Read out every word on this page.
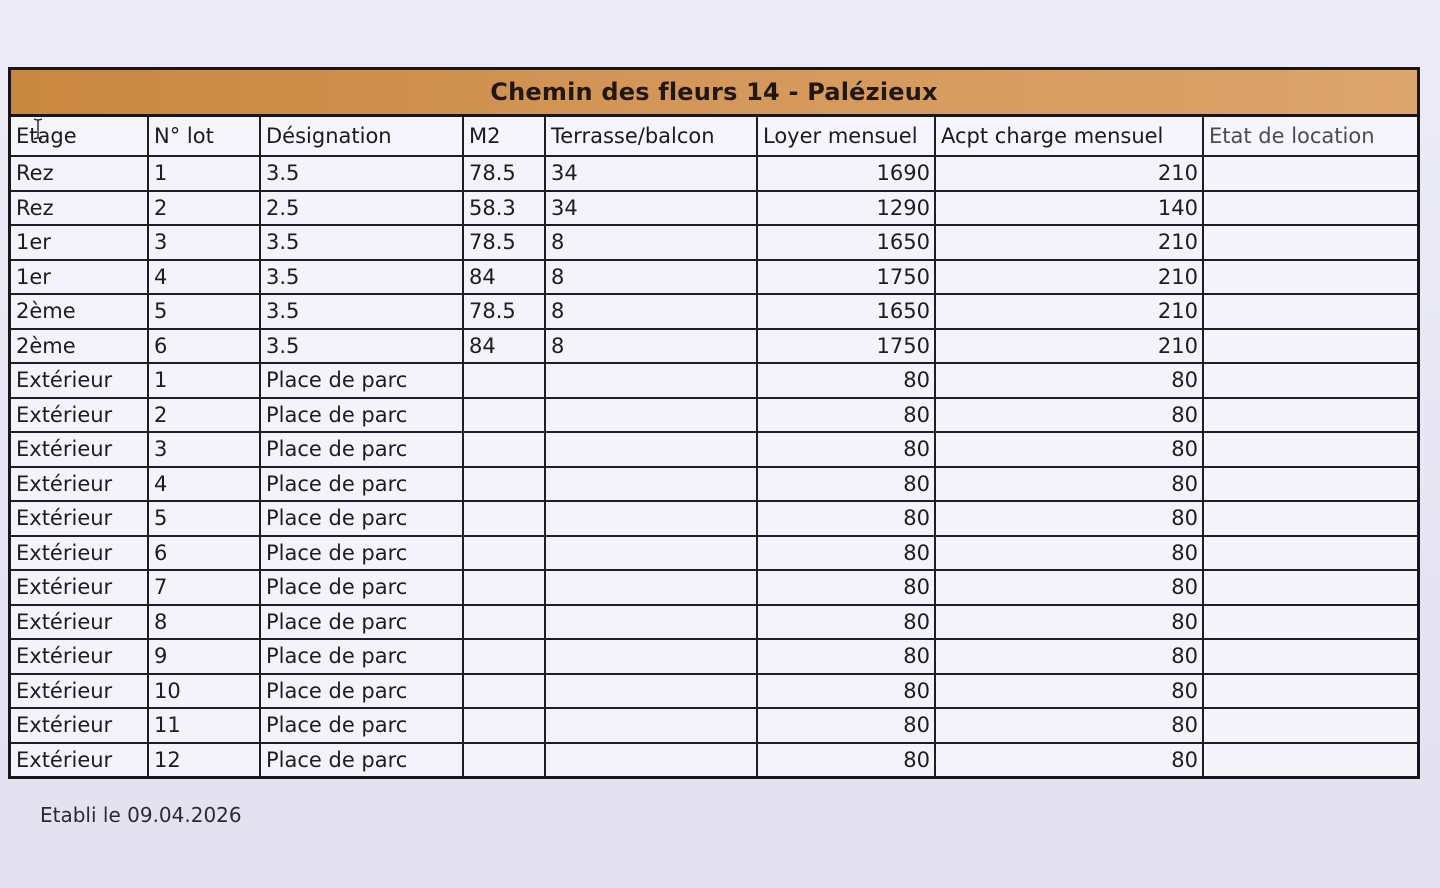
Chemin des fleurs 14 - Palézieux
Etage	N° lot	Désignation	M2	Terrasse/balcon	Loyer mensuel	Acpt charge mensuel	Etat de location
Rez	1	3.5	78.5	34	1690	210	
Rez	2	2.5	58.3	34	1290	140	
1er	3	3.5	78.5	8	1650	210	
1er	4	3.5	84	8	1750	210	
2ème	5	3.5	78.5	8	1650	210	
2ème	6	3.5	84	8	1750	210	
Extérieur	1	Place de parc			80	80	
Extérieur	2	Place de parc			80	80	
Extérieur	3	Place de parc			80	80	
Extérieur	4	Place de parc			80	80	
Extérieur	5	Place de parc			80	80	
Extérieur	6	Place de parc			80	80	
Extérieur	7	Place de parc			80	80	
Extérieur	8	Place de parc			80	80	
Extérieur	9	Place de parc			80	80	
Extérieur	10	Place de parc			80	80	
Extérieur	11	Place de parc			80	80	
Extérieur	12	Place de parc			80	80	
Etabli le 09.04.2026
